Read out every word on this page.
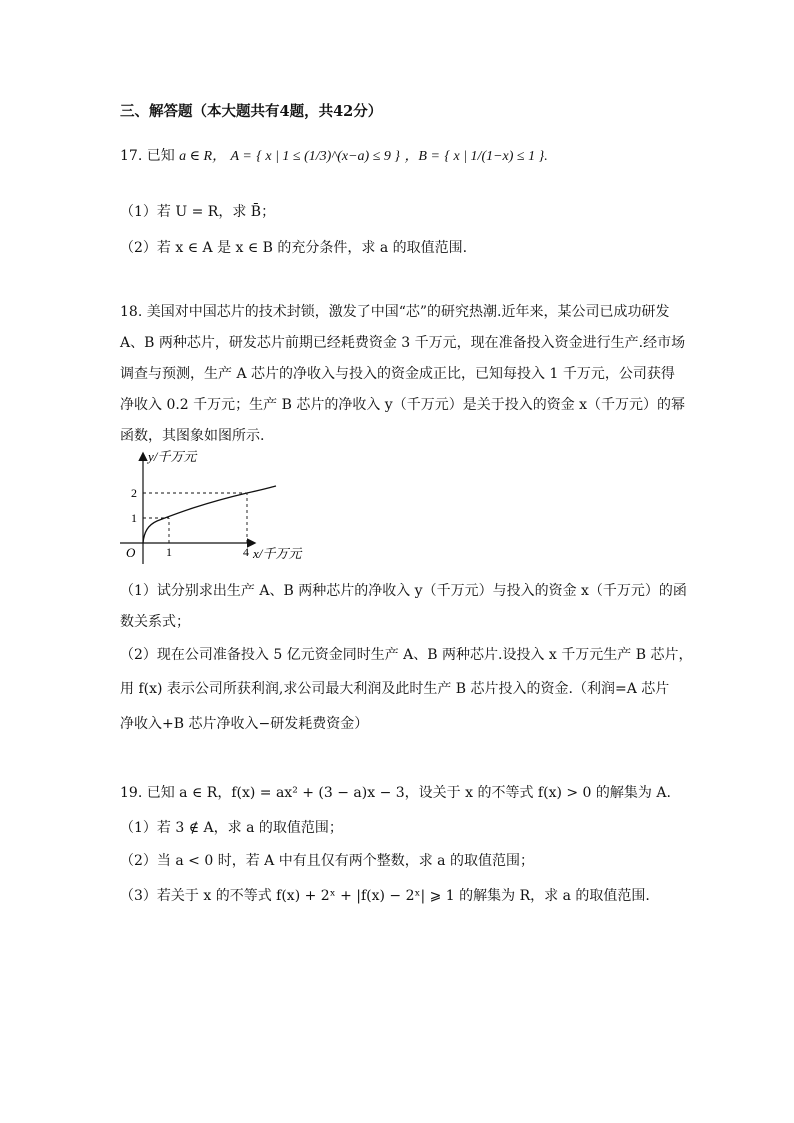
三、解答题（本大题共有4题，共42分）
17. 已知 a ∈ R， A = { x | 1 ≤ (1/3)^(x−a) ≤ 9 } ，B = { x | 1/(1−x) ≤ 1 }.
（1）若 U = R，求 B̄；
（2）若 x ∈ A 是 x ∈ B 的充分条件，求 a 的取值范围.
18. 美国对中国芯片的技术封锁，激发了中国“芯”的研究热潮.近年来，某公司已成功研发
A、B 两种芯片，研发芯片前期已经耗费资金 3 千万元，现在准备投入资金进行生产.经市场
调查与预测，生产 A 芯片的净收入与投入的资金成正比，已知每投入 1 千万元，公司获得
净收入 0.2 千万元；生产 B 芯片的净收入 y（千万元）是关于投入的资金 x（千万元）的幂
函数，其图象如图所示.
y/千万元
x/千万元
O	1	4
1
2
（1）试分别求出生产 A、B 两种芯片的净收入 y（千万元）与投入的资金 x（千万元）的函
数关系式；
（2）现在公司准备投入 5 亿元资金同时生产 A、B 两种芯片.设投入 x 千万元生产 B 芯片，
用 f(x) 表示公司所获利润,求公司最大利润及此时生产 B 芯片投入的资金.（利润=A 芯片
净收入+B 芯片净收入−研发耗费资金）
19. 已知 a ∈ R，f(x) = ax² + (3 − a)x − 3，设关于 x 的不等式 f(x) > 0 的解集为 A.
（1）若 3 ∉ A，求 a 的取值范围；
（2）当 a < 0 时，若 A 中有且仅有两个整数，求 a 的取值范围；
（3）若关于 x 的不等式 f(x) + 2ˣ + |f(x) − 2ˣ| ⩾ 1 的解集为 R，求 a 的取值范围.
